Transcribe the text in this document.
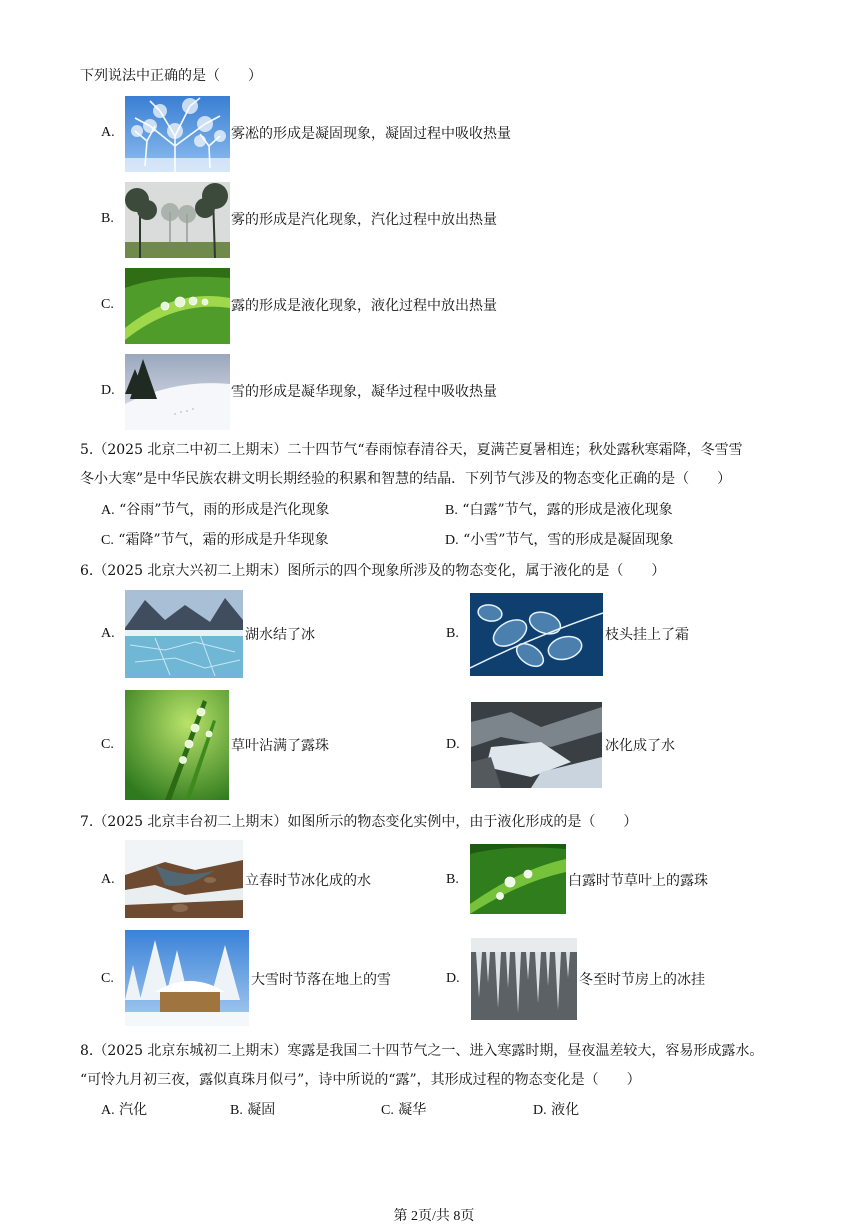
下列说法中正确的是（　　）
A.	雾凇的形成是凝固现象，凝固过程中吸收热量
B.	雾的形成是汽化现象，汽化过程中放出热量
C.	露的形成是液化现象，液化过程中放出热量
D.	雪的形成是凝华现象，凝华过程中吸收热量
5.（2025 北京二中初二上期末）二十四节气“春雨惊春清谷天，夏满芒夏暑相连；秋处露秋寒霜降，冬雪雪
冬小大寒”是中华民族农耕文明长期经验的积累和智慧的结晶．下列节气涉及的物态变化正确的是（　　）
A. “谷雨”节气，雨的形成是汽化现象	B. “白露”节气，露的形成是液化现象
C. “霜降”节气，霜的形成是升华现象	D. “小雪”节气，雪的形成是凝固现象
6.（2025 北京大兴初二上期末）图所示的四个现象所涉及的物态变化，属于液化的是（　　）
A.	湖水结了冰	B.	枝头挂上了霜
C.	草叶沾满了露珠	D.	冰化成了水
7.（2025 北京丰台初二上期末）如图所示的物态变化实例中，由于液化形成的是（　　）
A.	立春时节冰化成的水	B.	白露时节草叶上的露珠
C.	大雪时节落在地上的雪	D.	冬至时节房上的冰挂
8.（2025 北京东城初二上期末）寒露是我国二十四节气之一、进入寒露时期，昼夜温差较大，容易形成露水。
“可怜九月初三夜，露似真珠月似弓”，诗中所说的“露”，其形成过程的物态变化是（　　）
A. 汽化	B. 凝固	C. 凝华	D. 液化
第 2页/共 8页
